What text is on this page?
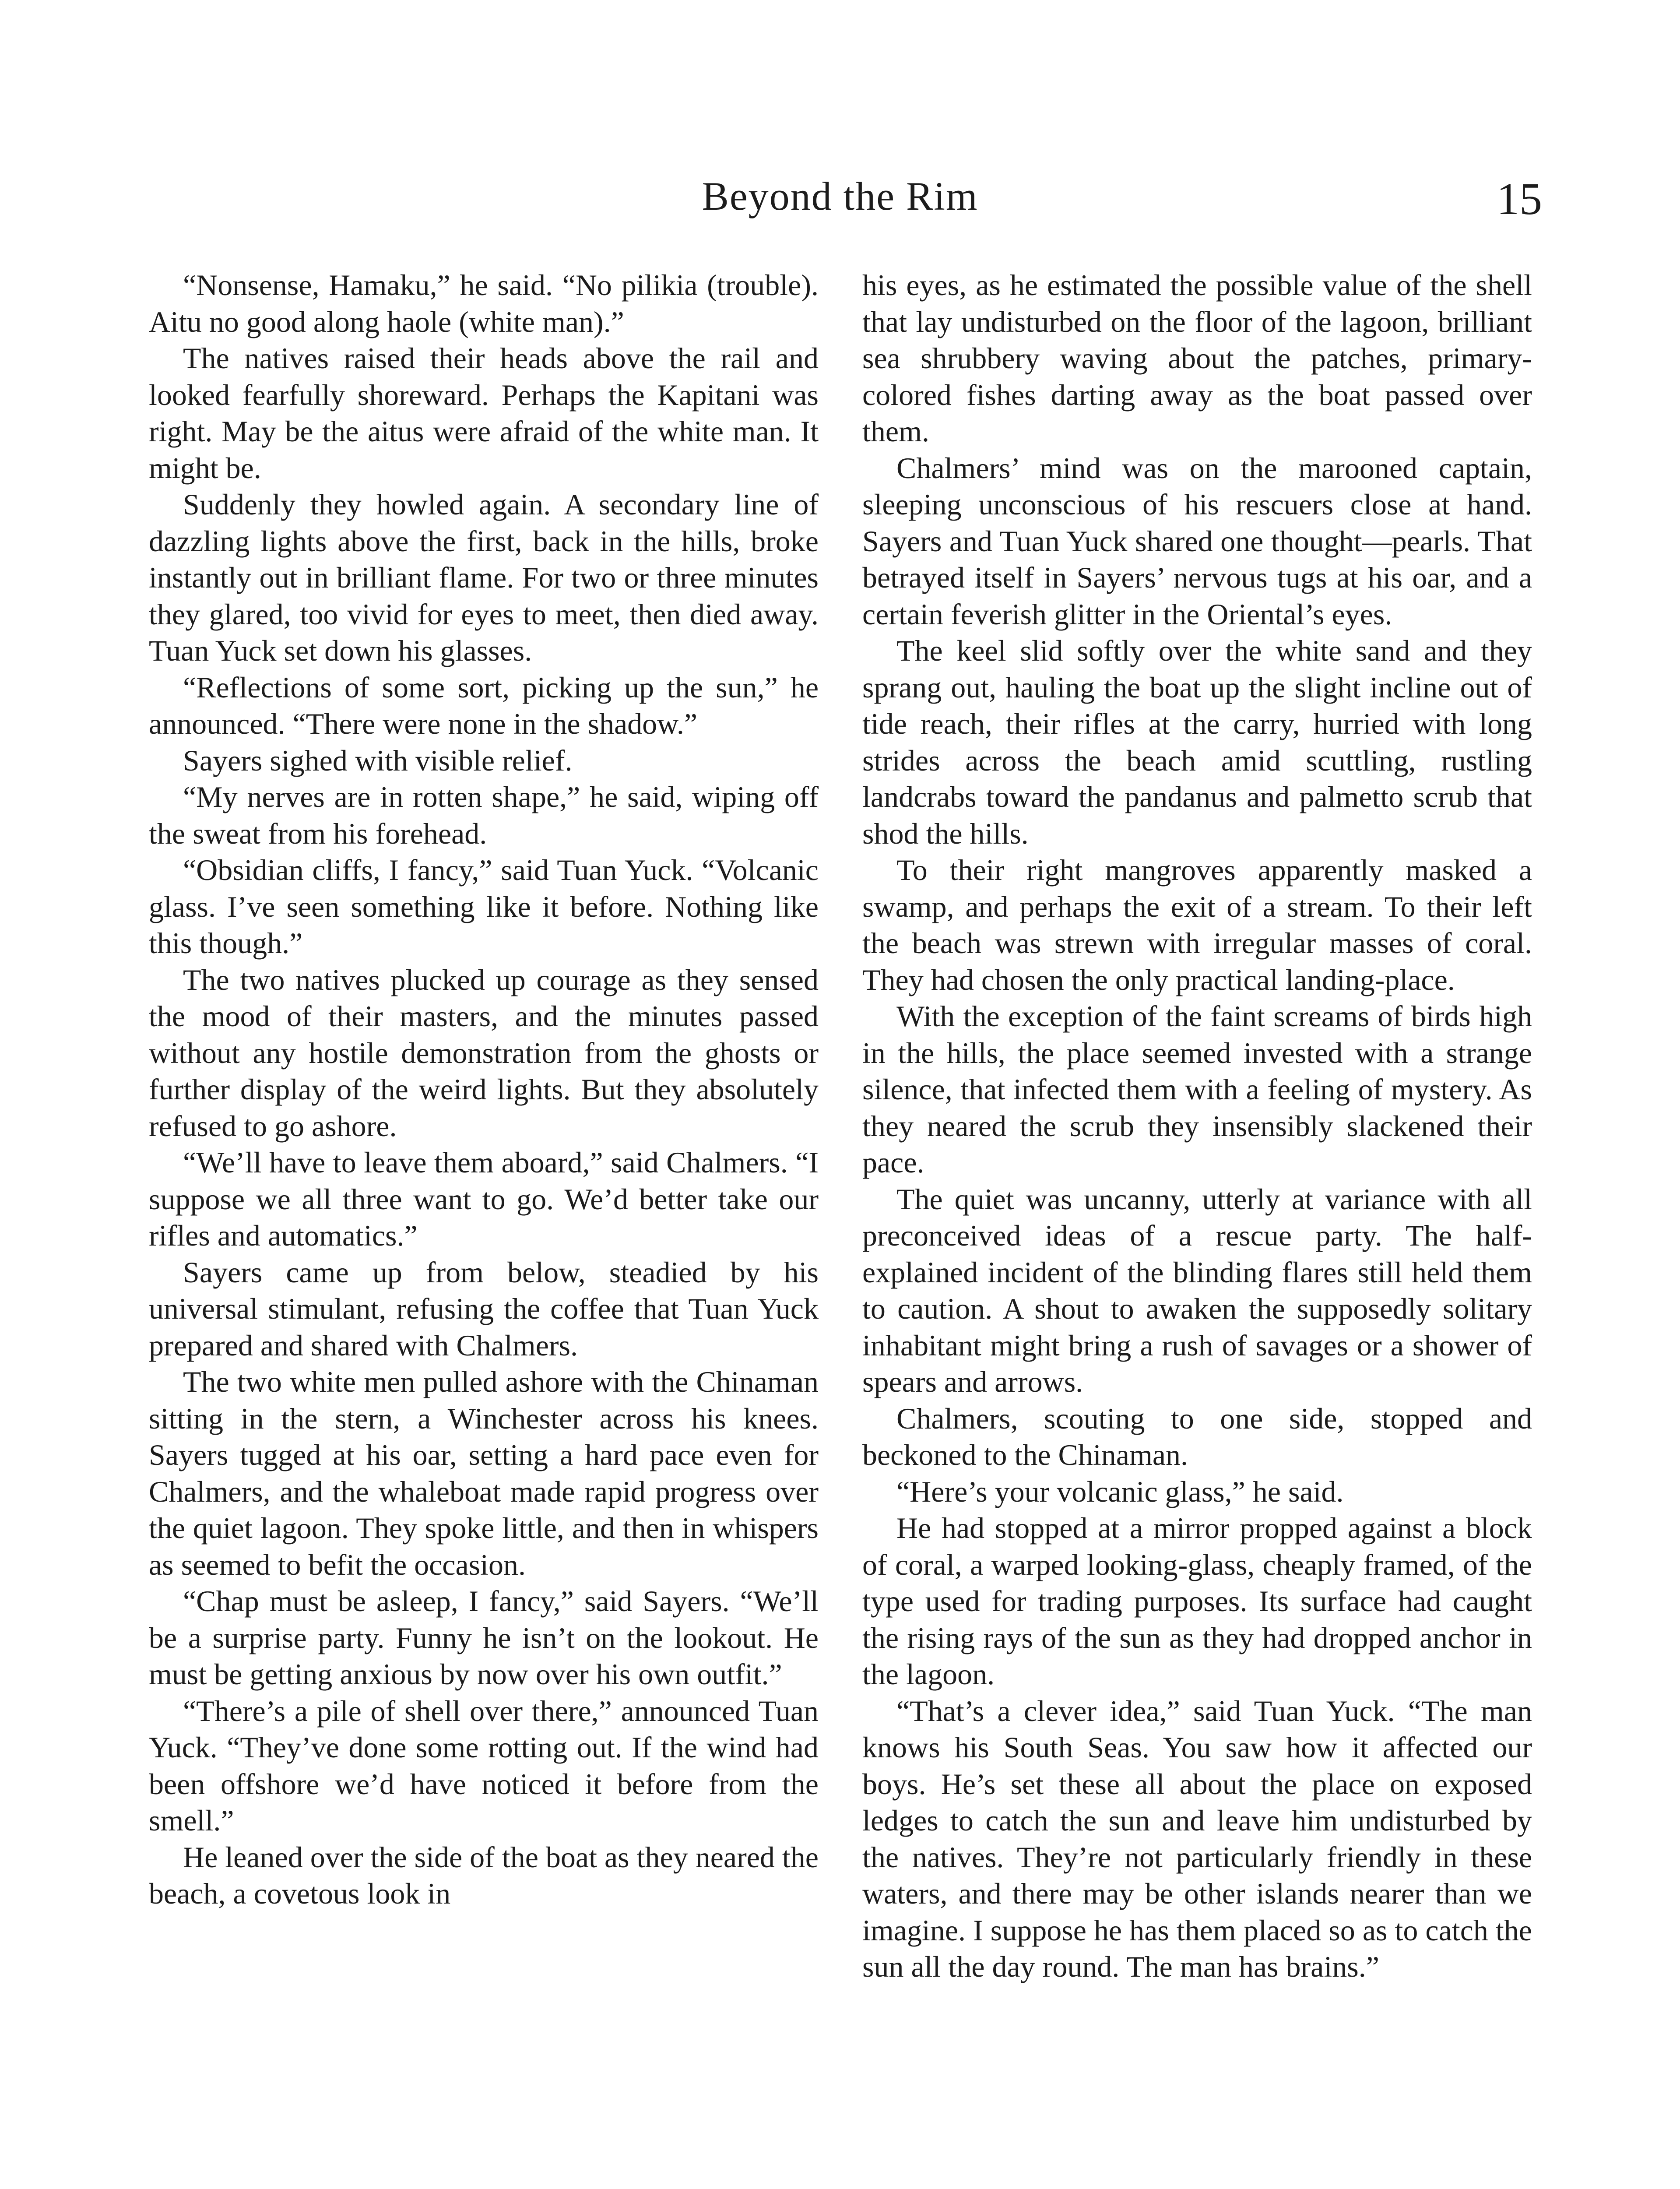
Beyond the Rim	15

“Nonsense, Hamaku,” he said. “No pilikia (trouble). Aitu no good along haole (white man).”

The natives raised their heads above the rail and looked fearfully shoreward. Perhaps the Kapitani was right. May be the aitus were afraid of the white man. It might be.

Suddenly they howled again. A secondary line of dazzling lights above the first, back in the hills, broke instantly out in brilliant flame. For two or three minutes they glared, too vivid for eyes to meet, then died away. Tuan Yuck set down his glasses.

“Reflections of some sort, picking up the sun,” he announced. “There were none in the shadow.”

Sayers sighed with visible relief.

“My nerves are in rotten shape,” he said, wiping off the sweat from his forehead.

“Obsidian cliffs, I fancy,” said Tuan Yuck. “Volcanic glass. I’ve seen something like it before. Nothing like this though.”

The two natives plucked up courage as they sensed the mood of their masters, and the minutes passed without any hostile demonstration from the ghosts or further display of the weird lights. But they absolutely refused to go ashore.

“We’ll have to leave them aboard,” said Chalmers. “I suppose we all three want to go. We’d better take our rifles and automatics.”

Sayers came up from below, steadied by his universal stimulant, refusing the coffee that Tuan Yuck prepared and shared with Chalmers.

The two white men pulled ashore with the Chinaman sitting in the stern, a Winchester across his knees. Sayers tugged at his oar, setting a hard pace even for Chalmers, and the whaleboat made rapid progress over the quiet lagoon. They spoke little, and then in whispers as seemed to befit the occasion.

“Chap must be asleep, I fancy,” said Sayers. “We’ll be a surprise party. Funny he isn’t on the lookout. He must be getting anxious by now over his own outfit.”

“There’s a pile of shell over there,” announced Tuan Yuck. “They’ve done some rotting out. If the wind had been offshore we’d have noticed it before from the smell.”

He leaned over the side of the boat as they neared the beach, a covetous look in

his eyes, as he estimated the possible value of the shell that lay undisturbed on the floor of the lagoon, brilliant sea shrubbery waving about the patches, primary-colored fishes darting away as the boat passed over them.

Chalmers’ mind was on the marooned captain, sleeping unconscious of his rescuers close at hand. Sayers and Tuan Yuck shared one thought—pearls. That betrayed itself in Sayers’ nervous tugs at his oar, and a certain feverish glitter in the Oriental’s eyes.

The keel slid softly over the white sand and they sprang out, hauling the boat up the slight incline out of tide reach, their rifles at the carry, hurried with long strides across the beach amid scuttling, rustling landcrabs toward the pandanus and palmetto scrub that shod the hills.

To their right mangroves apparently masked a swamp, and perhaps the exit of a stream. To their left the beach was strewn with irregular masses of coral. They had chosen the only practical landing-place.

With the exception of the faint screams of birds high in the hills, the place seemed invested with a strange silence, that infected them with a feeling of mystery. As they neared the scrub they insensibly slackened their pace.

The quiet was uncanny, utterly at variance with all preconceived ideas of a rescue party. The half-explained incident of the blinding flares still held them to caution. A shout to awaken the supposedly solitary inhabitant might bring a rush of savages or a shower of spears and arrows.

Chalmers, scouting to one side, stopped and beckoned to the Chinaman.

“Here’s your volcanic glass,” he said.

He had stopped at a mirror propped against a block of coral, a warped looking-glass, cheaply framed, of the type used for trading purposes. Its surface had caught the rising rays of the sun as they had dropped anchor in the lagoon.

“That’s a clever idea,” said Tuan Yuck. “The man knows his South Seas. You saw how it affected our boys. He’s set these all about the place on exposed ledges to catch the sun and leave him undisturbed by the natives. They’re not particularly friendly in these waters, and there may be other islands nearer than we imagine. I suppose he has them placed so as to catch the sun all the day round. The man has brains.”
